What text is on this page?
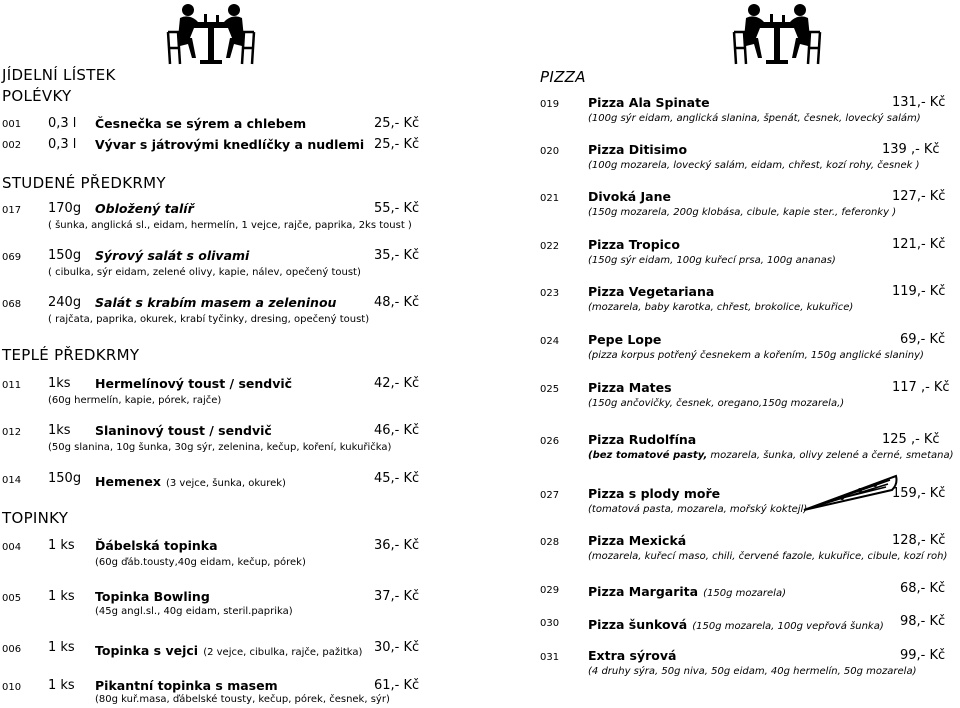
JÍDELNÍ LÍSTEK
POLÉVKY
001 0,3 l Česnečka se sýrem a chlebem	25,- Kč
002 0,3 l Vývar s játrovými knedlíčky a nudlemi 25,- Kč
STUDENÉ PŘEDKRMY
017 170g Obložený talíř	55,- Kč
( šunka, anglická sl., eidam, hermelín, 1 vejce, rajče, paprika, 2ks toust )
069 150g Sýrový salát s olivami	35,- Kč
( cibulka, sýr eidam, zelené olivy, kapie, nálev, opečený toust)
068 240g Salát s krabím masem a zeleninou	48,- Kč
( rajčata, paprika, okurek, krabí tyčinky, dresing, opečený toust)
TEPLÉ PŘEDKRMY
011 1ks Hermelínový toust / sendvič	42,- Kč
(60g hermelín, kapie, pórek, rajče)
012 1ks Slaninový toust / sendvič	46,- Kč
(50g slanina, 10g šunka, 30g sýr, zelenina, kečup, koření, kukuřička)
014 150g Hemenex (3 vejce, šunka, okurek)	45,- Kč
TOPINKY
004 1 ks Ďábelská topinka	36,- Kč
(60g ďáb.tousty,40g eidam, kečup, pórek)
005 1 ks Topinka Bowling	37,- Kč
(45g angl.sl., 40g eidam, steril.paprika)
006 1 ks Topinka s vejci (2 vejce, cibulka, rajče, pažitka) 30,- Kč
010 1 ks Pikantní topinka s masem	61,- Kč
(80g kuř.masa, ďábelské tousty, kečup, pórek, česnek, sýr)
PIZZA
019 Pizza Ala Spinate	131,- Kč
(100g sýr eidam, anglická slanina, špenát, česnek, lovecký salám)
020 Pizza Ditisimo	139 ,- Kč
(100g mozarela, lovecký salám, eidam, chřest, kozí rohy, česnek )
021 Divoká Jane	127,- Kč
(150g mozarela, 200g klobása, cibule, kapie ster., feferonky )
022 Pizza Tropico	121,- Kč
(150g sýr eidam, 100g kuřecí prsa, 100g ananas)
023 Pizza Vegetariana	119,- Kč
(mozarela, baby karotka, chřest, brokolice, kukuřice)
024 Pepe Lope	69,- Kč
(pizza korpus potřený česnekem a kořením, 150g anglické slaniny)
025 Pizza Mates	117 ,- Kč
(150g ančovičky, česnek, oregano,150g mozarela,)
026 Pizza Rudolfína	125 ,- Kč
(bez tomatové pasty, mozarela, šunka, olivy zelené a černé, smetana)
027 Pizza s plody moře	159,- Kč
(tomatová pasta, mozarela, mořský koktejl)
028 Pizza Mexická	128,- Kč
(mozarela, kuřecí maso, chili, červené fazole, kukuřice, cibule, kozí roh)
029 Pizza Margarita (150g mozarela)	68,- Kč
030 Pizza šunková (150g mozarela, 100g vepřová šunka) 98,- Kč
031 Extra sýrová	99,- Kč
(4 druhy sýra, 50g niva, 50g eidam, 40g hermelín, 50g mozarela)
